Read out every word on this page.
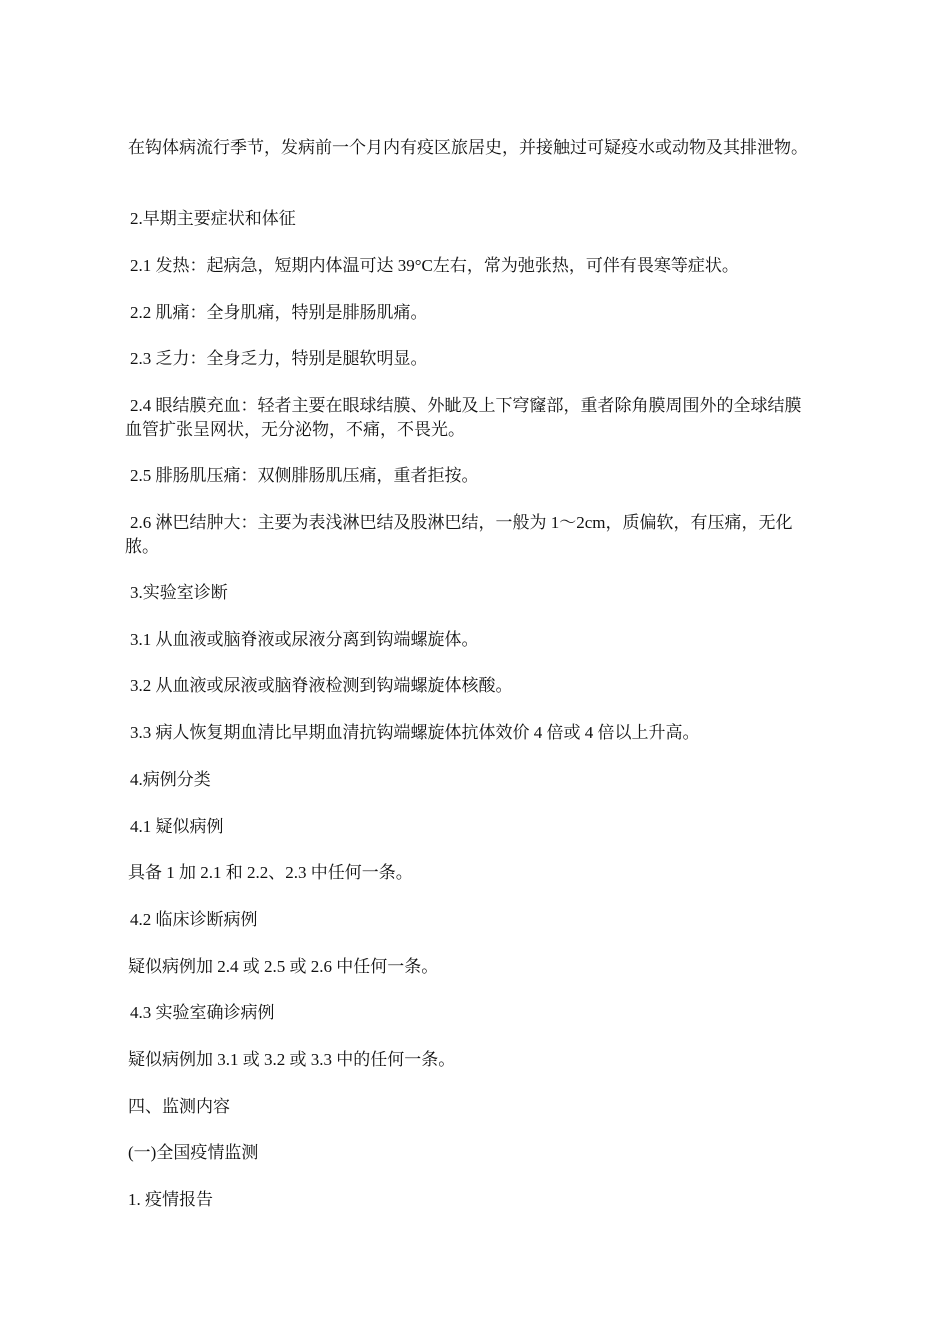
在钩体病流行季节，发病前一个月内有疫区旅居史，并接触过可疑疫水或动物及其排泄物。
2.早期主要症状和体征
2.1 发热：起病急，短期内体温可达 39°C左右，常为弛张热，可伴有畏寒等症状。
2.2 肌痛：全身肌痛，特别是腓肠肌痛。
2.3 乏力：全身乏力，特别是腿软明显。
2.4 眼结膜充血：轻者主要在眼球结膜、外眦及上下穹窿部，重者除角膜周围外的全球结膜
血管扩张呈网状，无分泌物，不痛，不畏光。
2.5 腓肠肌压痛：双侧腓肠肌压痛，重者拒按。
2.6 淋巴结肿大：主要为表浅淋巴结及股淋巴结，一般为 1～2cm，质偏软，有压痛，无化
脓。
3.实验室诊断
3.1 从血液或脑脊液或尿液分离到钩端螺旋体。
3.2 从血液或尿液或脑脊液检测到钩端螺旋体核酸。
3.3 病人恢复期血清比早期血清抗钩端螺旋体抗体效价 4 倍或 4 倍以上升高。
4.病例分类
4.1 疑似病例
具备 1 加 2.1 和 2.2、2.3 中任何一条。
4.2 临床诊断病例
疑似病例加 2.4 或 2.5 或 2.6 中任何一条。
4.3 实验室确诊病例
疑似病例加 3.1 或 3.2 或 3.3 中的任何一条。
四、监测内容
(一)全国疫情监测
1. 疫情报告
